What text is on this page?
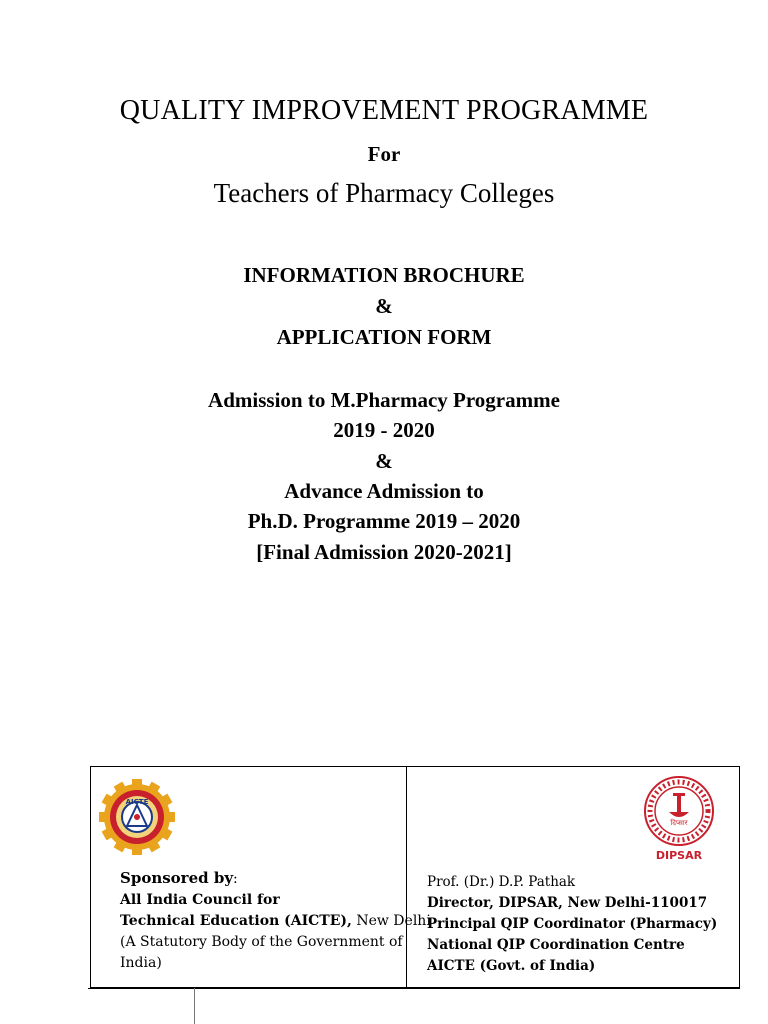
QUALITY IMPROVEMENT PROGRAMME
For
Teachers of Pharmacy Colleges
INFORMATION BROCHURE
&
APPLICATION FORM
Admission to M.Pharmacy Programme
2019 - 2020
&
Advance Admission to
Ph.D. Programme 2019 – 2020
[Final Admission 2020-2021]
AICTE
दिप्सार
DIPSAR
Sponsored by:
All India Council for
Technical Education (AICTE), New Delhi
(A Statutory Body of the Government of
India)
Prof. (Dr.) D.P. Pathak
Director, DIPSAR, New Delhi-110017
Principal QIP Coordinator (Pharmacy)
National QIP Coordination Centre
AICTE (Govt. of India)
